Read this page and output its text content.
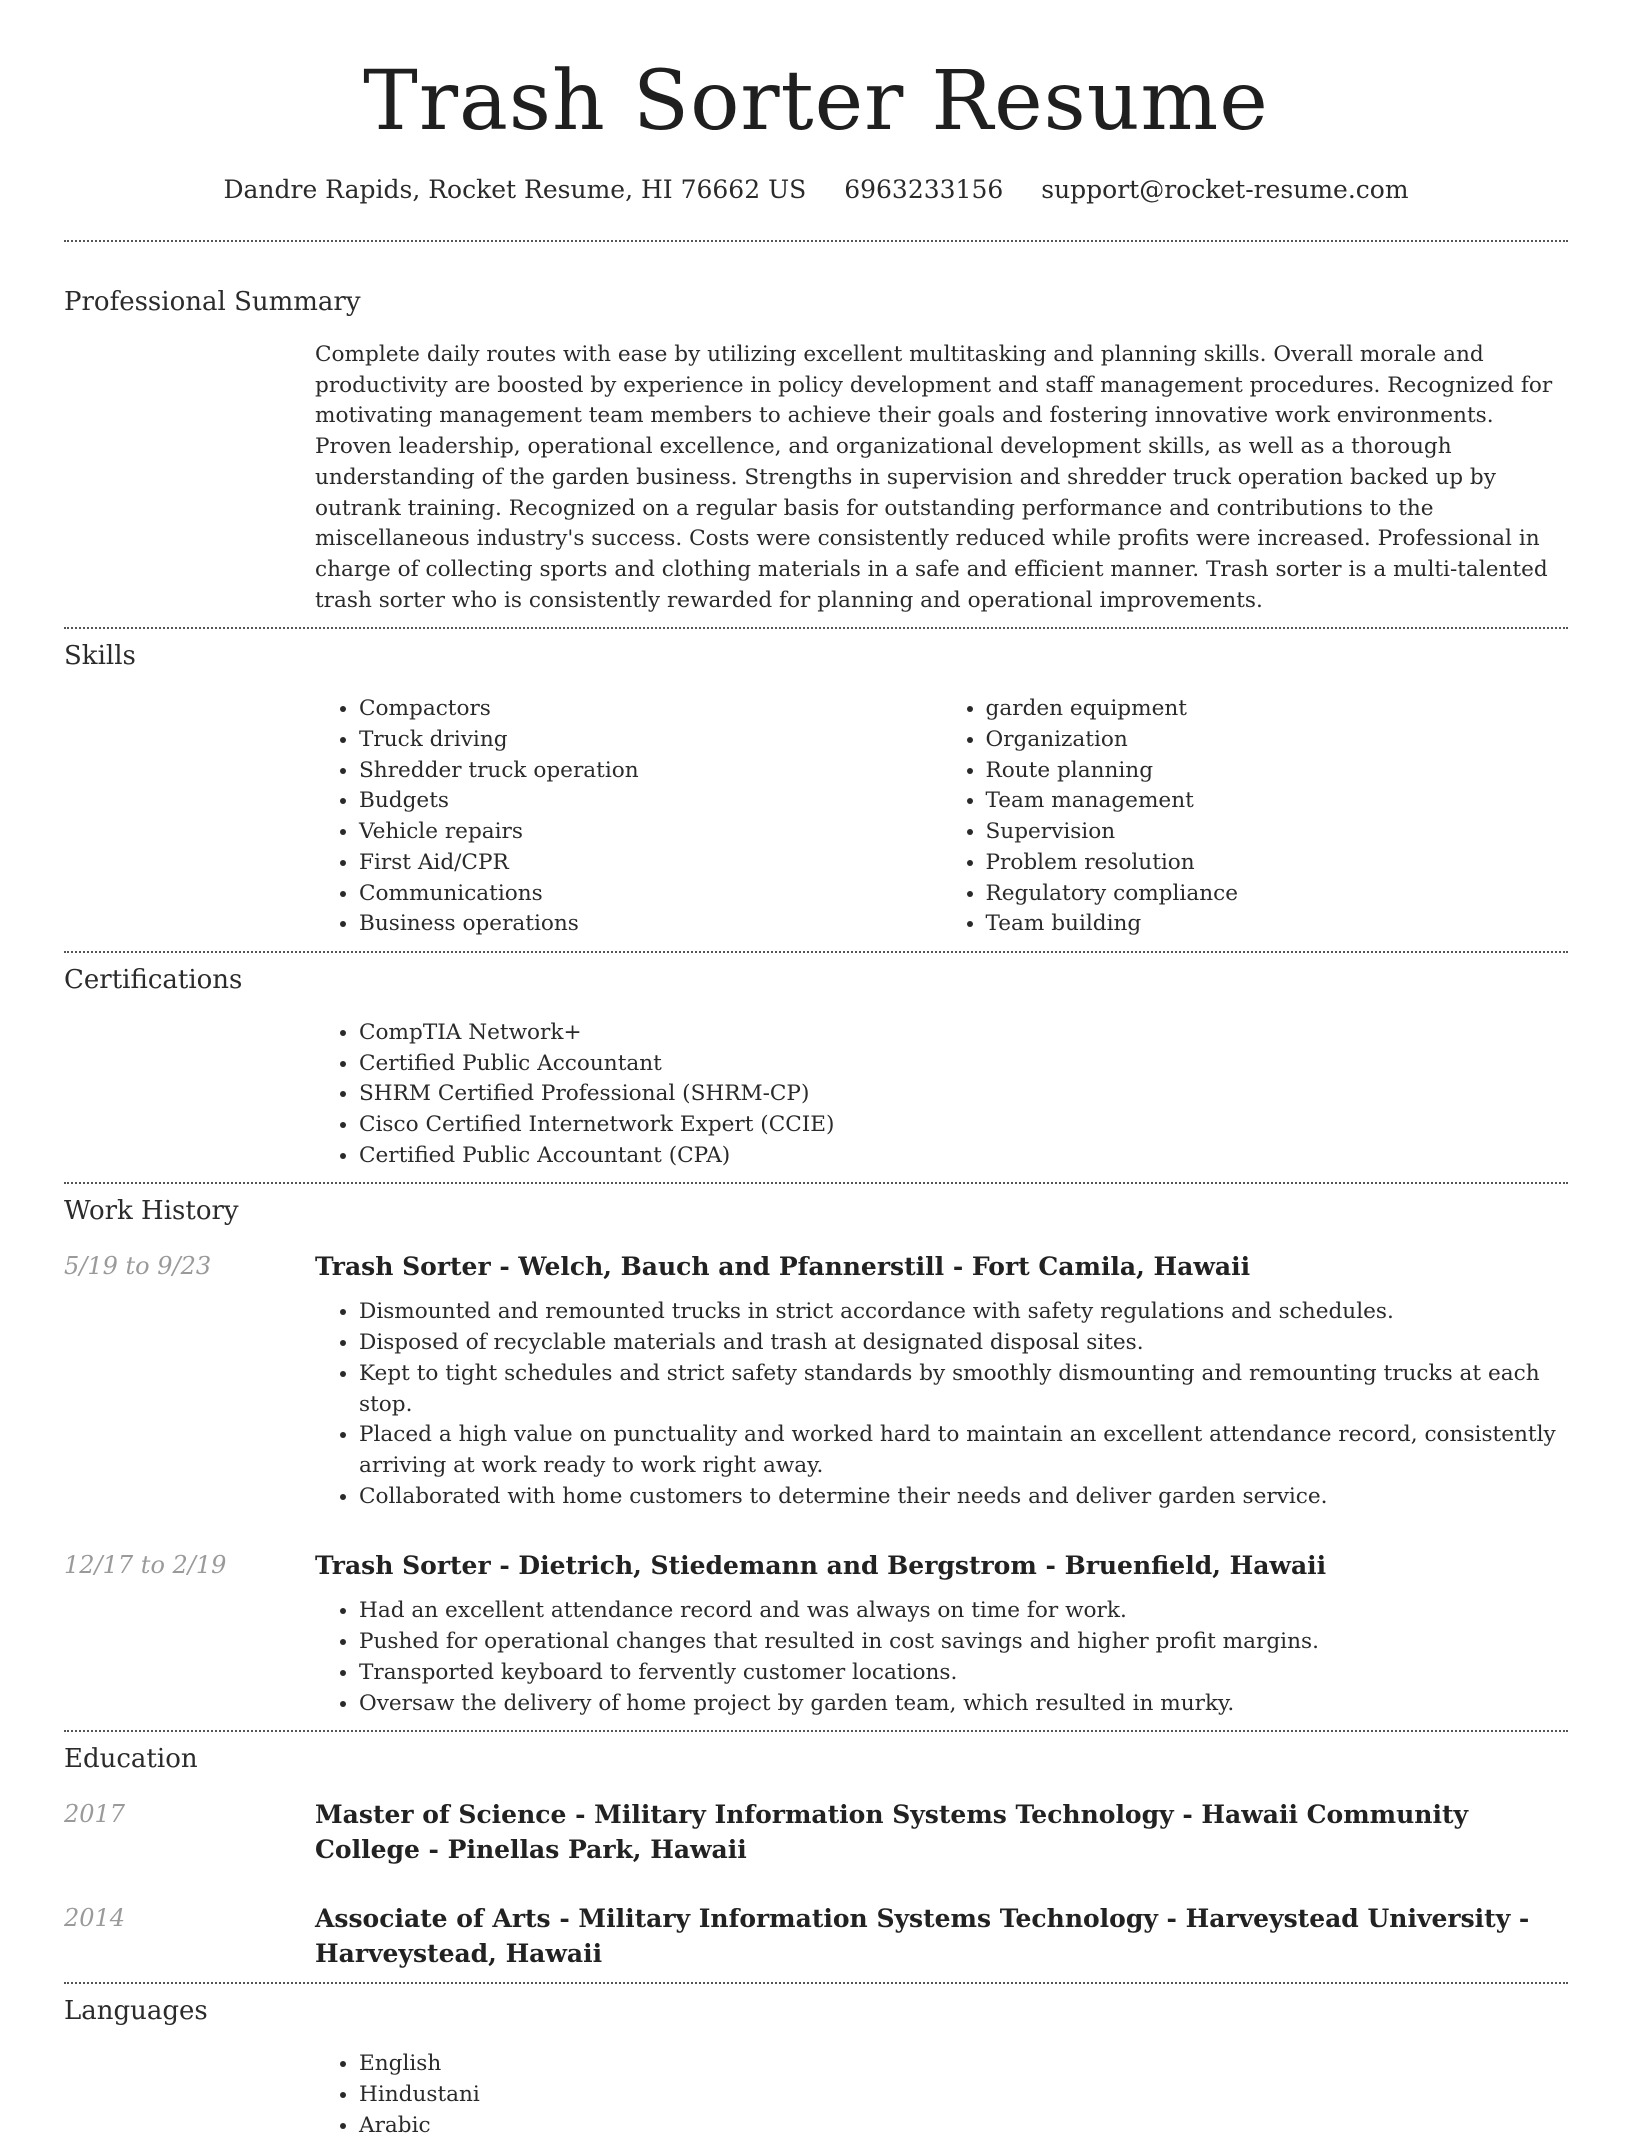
Trash Sorter Resume
Dandre Rapids, Rocket Resume, HI 76662 US 6963233156 support@rocket-resume.com
Professional Summary

Complete daily routes with ease by utilizing excellent multitasking and planning skills. Overall morale and productivity are boosted by experience in policy development and staff management procedures. Recognized for motivating management team members to achieve their goals and fostering innovative work environments. Proven leadership, operational excellence, and organizational development skills, as well as a thorough understanding of the garden business. Strengths in supervision and shredder truck operation backed up by outrank training. Recognized on a regular basis for outstanding performance and contributions to the miscellaneous industry's success. Costs were consistently reduced while profits were increased. Professional in charge of collecting sports and clothing materials in a safe and efficient manner. Trash sorter is a multi-talented trash sorter who is consistently rewarded for planning and operational improvements.

Skills
• Compactors
• Truck driving
• Shredder truck operation
• Budgets
• Vehicle repairs
• First Aid/CPR
• Communications
• Business operations
• garden equipment
• Organization
• Route planning
• Team management
• Supervision
• Problem resolution
• Regulatory compliance
• Team building
Certifications
• CompTIA Network+
• Certified Public Accountant
• SHRM Certified Professional (SHRM-CP)
• Cisco Certified Internetwork Expert (CCIE)
• Certified Public Accountant (CPA)
Work History
5/19 to 9/23	Trash Sorter - Welch, Bauch and Pfannerstill - Fort Camila, Hawaii
• Dismounted and remounted trucks in strict accordance with safety regulations and schedules.
• Disposed of recyclable materials and trash at designated disposal sites.
• Kept to tight schedules and strict safety standards by smoothly dismounting and remounting trucks at each stop.
• Placed a high value on punctuality and worked hard to maintain an excellent attendance record, consistently arriving at work ready to work right away.
• Collaborated with home customers to determine their needs and deliver garden service.
12/17 to 2/19	Trash Sorter - Dietrich, Stiedemann and Bergstrom - Bruenfield, Hawaii
• Had an excellent attendance record and was always on time for work.
• Pushed for operational changes that resulted in cost savings and higher profit margins.
• Transported keyboard to fervently customer locations.
• Oversaw the delivery of home project by garden team, which resulted in murky.
Education
2017	Master of Science - Military Information Systems Technology - Hawaii Community College - Pinellas Park, Hawaii
2014	Associate of Arts - Military Information Systems Technology - Harveystead University - Harveystead, Hawaii
Languages
• English
• Hindustani
• Arabic
